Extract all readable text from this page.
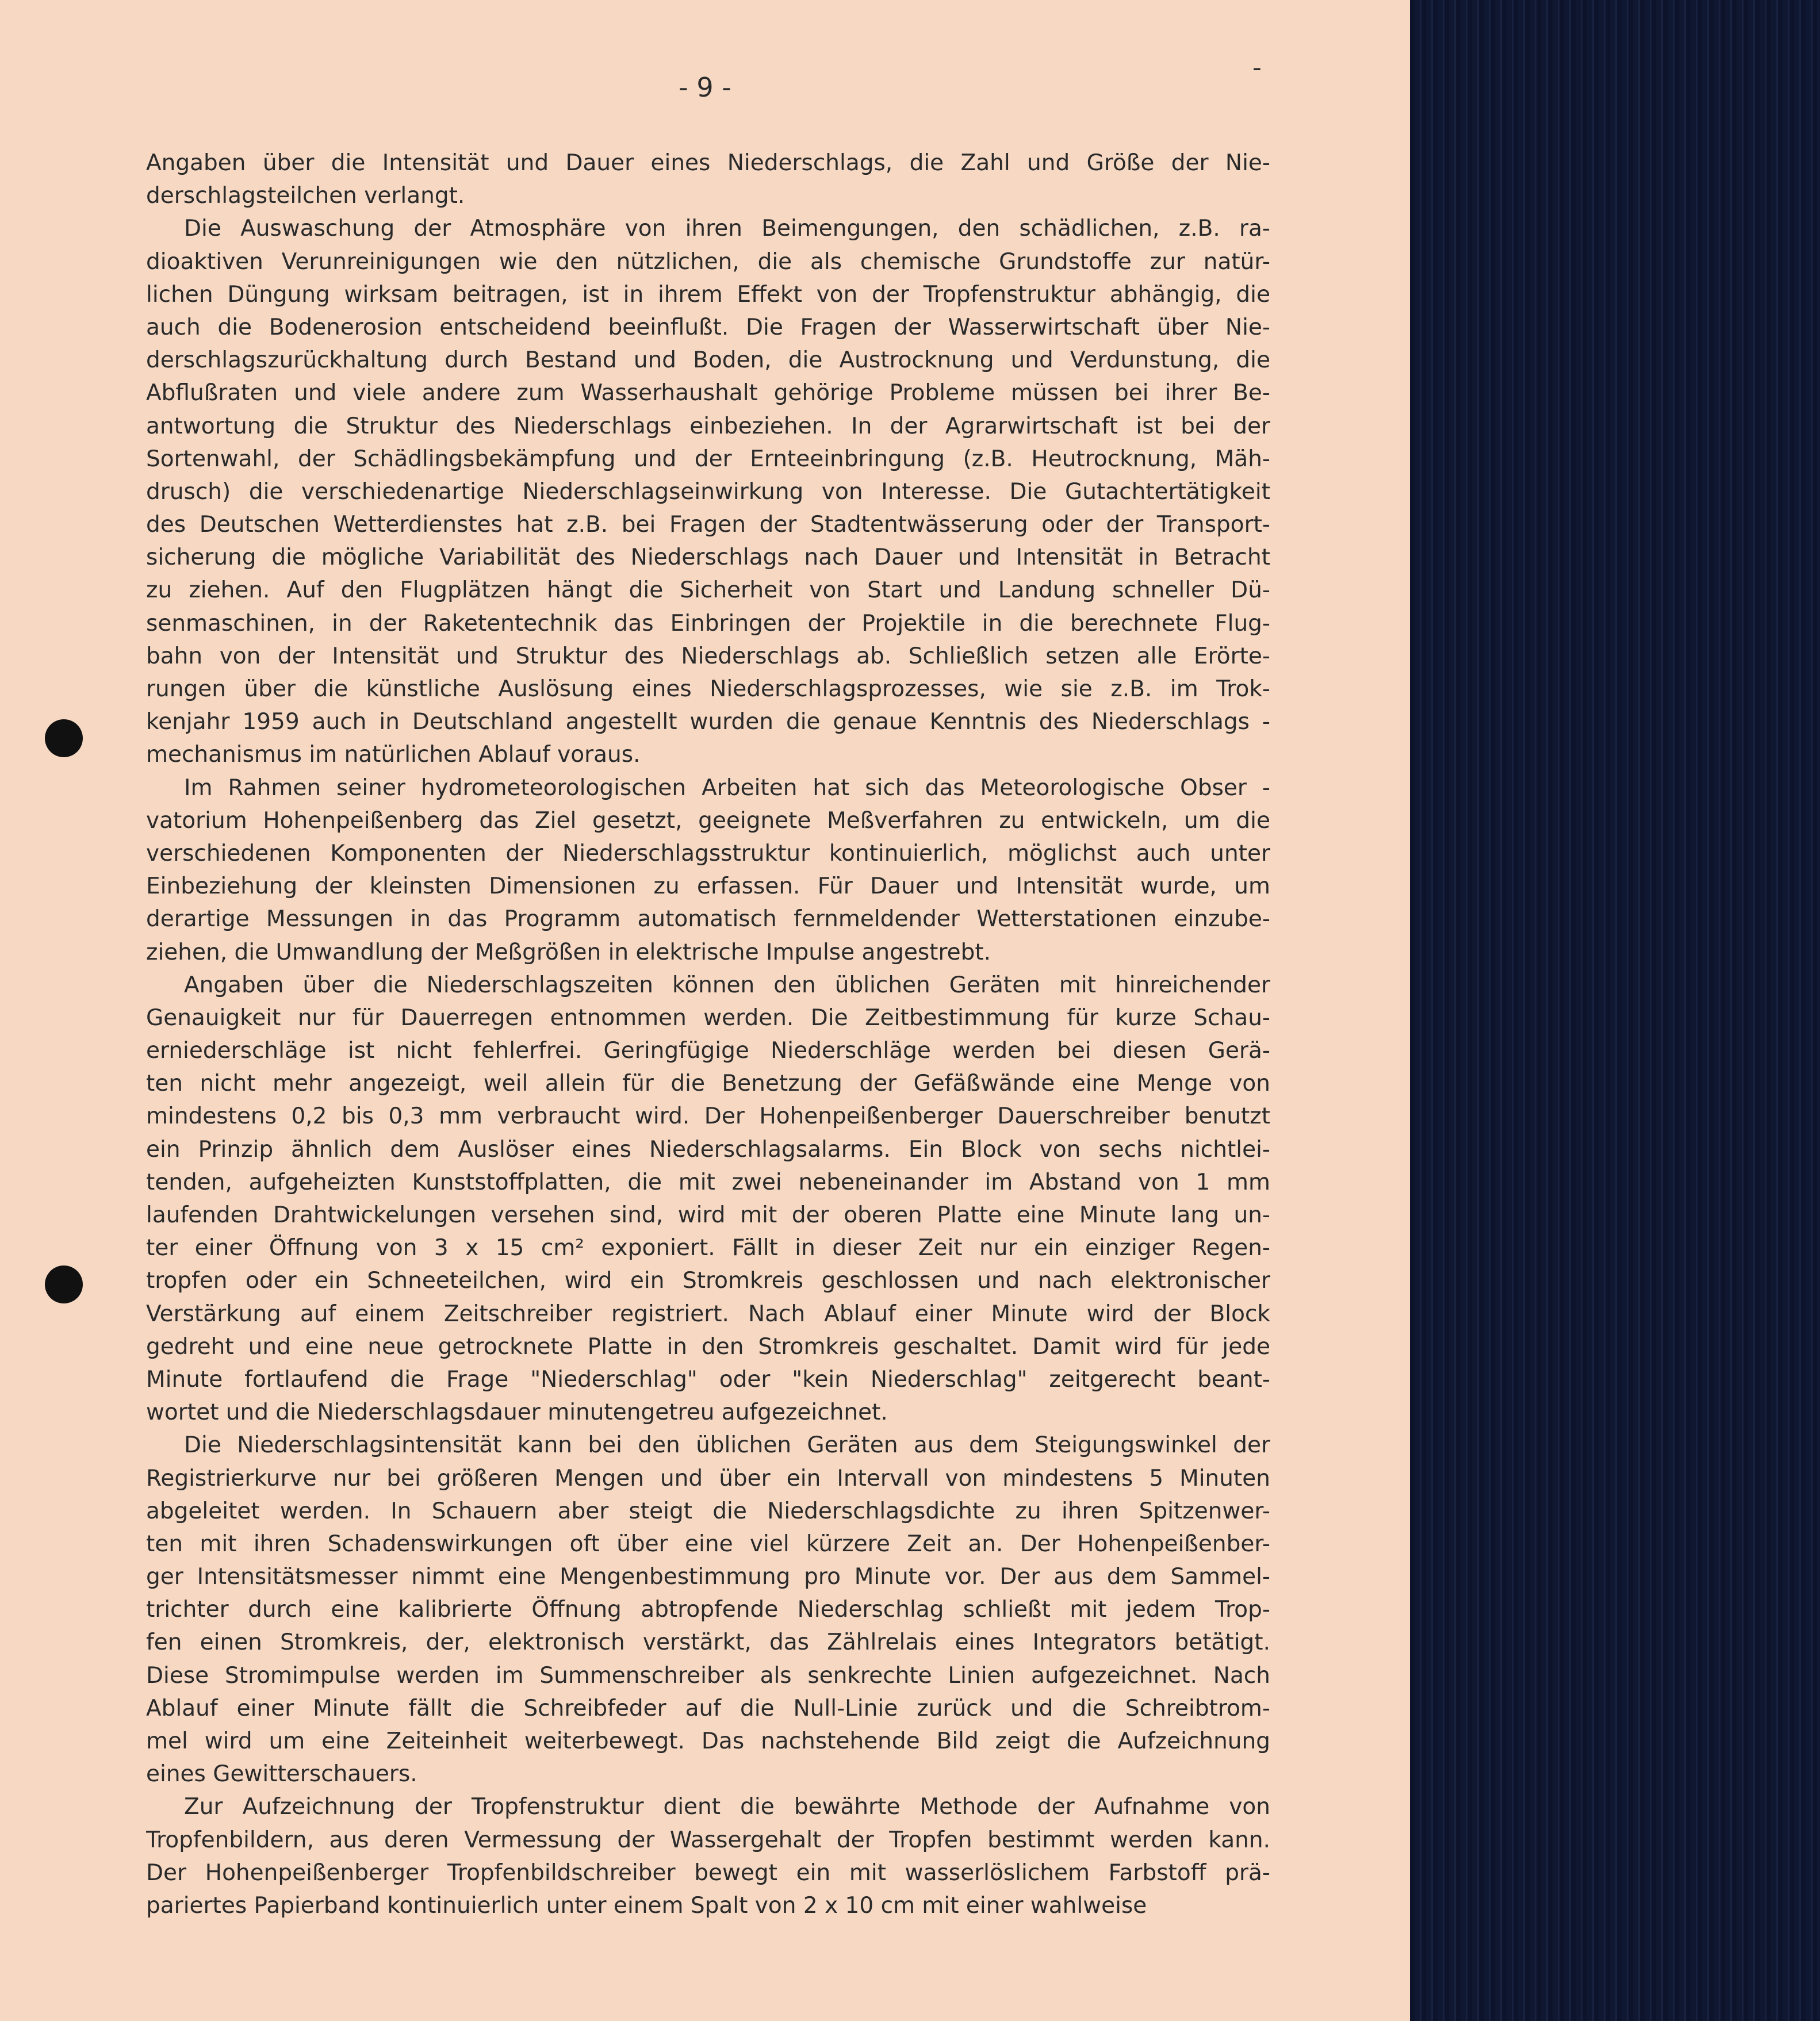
- 9 -
-
Angaben über die Intensität und Dauer eines Niederschlags, die Zahl und Größe der Nie-
derschlagsteilchen verlangt.
Die Auswaschung der Atmosphäre von ihren Beimengungen, den schädlichen, z.B. ra-
dioaktiven Verunreinigungen wie den nützlichen, die als chemische Grundstoffe zur natür-
lichen Düngung wirksam beitragen, ist in ihrem Effekt von der Tropfenstruktur abhängig, die
auch die Bodenerosion entscheidend beeinflußt. Die Fragen der Wasserwirtschaft über Nie-
derschlagszurückhaltung durch Bestand und Boden, die Austrocknung und Verdunstung, die
Abflußraten und viele andere zum Wasserhaushalt gehörige Probleme müssen bei ihrer Be-
antwortung die Struktur des Niederschlags einbeziehen. In der Agrarwirtschaft ist bei der
Sortenwahl, der Schädlingsbekämpfung und der Ernteeinbringung (z.B. Heutrocknung, Mäh-
drusch) die verschiedenartige Niederschlagseinwirkung von Interesse. Die Gutachtertätigkeit
des Deutschen Wetterdienstes hat z.B. bei Fragen der Stadtentwässerung oder der Transport-
sicherung die mögliche Variabilität des Niederschlags nach Dauer und Intensität in Betracht
zu ziehen. Auf den Flugplätzen hängt die Sicherheit von Start und Landung schneller Dü-
senmaschinen, in der Raketentechnik das Einbringen der Projektile in die berechnete Flug-
bahn von der Intensität und Struktur des Niederschlags ab. Schließlich setzen alle Erörte-
rungen über die künstliche Auslösung eines Niederschlagsprozesses, wie sie z.B. im Trok-
kenjahr 1959 auch in Deutschland angestellt wurden die genaue Kenntnis des Niederschlags -
mechanismus im natürlichen Ablauf voraus.
Im Rahmen seiner hydrometeorologischen Arbeiten hat sich das Meteorologische Obser -
vatorium Hohenpeißenberg das Ziel gesetzt, geeignete Meßverfahren zu entwickeln, um die
verschiedenen Komponenten der Niederschlagsstruktur kontinuierlich, möglichst auch unter
Einbeziehung der kleinsten Dimensionen zu erfassen. Für Dauer und Intensität wurde, um
derartige Messungen in das Programm automatisch fernmeldender Wetterstationen einzube-
ziehen, die Umwandlung der Meßgrößen in elektrische Impulse angestrebt.
Angaben über die Niederschlagszeiten können den üblichen Geräten mit hinreichender
Genauigkeit nur für Dauerregen entnommen werden. Die Zeitbestimmung für kurze Schau-
erniederschläge ist nicht fehlerfrei. Geringfügige Niederschläge werden bei diesen Gerä-
ten nicht mehr angezeigt, weil allein für die Benetzung der Gefäßwände eine Menge von
mindestens 0,2 bis 0,3 mm verbraucht wird. Der Hohenpeißenberger Dauerschreiber benutzt
ein Prinzip ähnlich dem Auslöser eines Niederschlagsalarms. Ein Block von sechs nichtlei-
tenden, aufgeheizten Kunststoffplatten, die mit zwei nebeneinander im Abstand von 1 mm
laufenden Drahtwickelungen versehen sind, wird mit der oberen Platte eine Minute lang un-
ter einer Öffnung von 3 x 15 cm² exponiert. Fällt in dieser Zeit nur ein einziger Regen-
tropfen oder ein Schneeteilchen, wird ein Stromkreis geschlossen und nach elektronischer
Verstärkung auf einem Zeitschreiber registriert. Nach Ablauf einer Minute wird der Block
gedreht und eine neue getrocknete Platte in den Stromkreis geschaltet. Damit wird für jede
Minute fortlaufend die Frage "Niederschlag" oder "kein Niederschlag" zeitgerecht beant-
wortet und die Niederschlagsdauer minutengetreu aufgezeichnet.
Die Niederschlagsintensität kann bei den üblichen Geräten aus dem Steigungswinkel der
Registrierkurve nur bei größeren Mengen und über ein Intervall von mindestens 5 Minuten
abgeleitet werden. In Schauern aber steigt die Niederschlagsdichte zu ihren Spitzenwer-
ten mit ihren Schadenswirkungen oft über eine viel kürzere Zeit an. Der Hohenpeißenber-
ger Intensitätsmesser nimmt eine Mengenbestimmung pro Minute vor. Der aus dem Sammel-
trichter durch eine kalibrierte Öffnung abtropfende Niederschlag schließt mit jedem Trop-
fen einen Stromkreis, der, elektronisch verstärkt, das Zählrelais eines Integrators betätigt.
Diese Stromimpulse werden im Summenschreiber als senkrechte Linien aufgezeichnet. Nach
Ablauf einer Minute fällt die Schreibfeder auf die Null-Linie zurück und die Schreibtrom-
mel wird um eine Zeiteinheit weiterbewegt. Das nachstehende Bild zeigt die Aufzeichnung
eines Gewitterschauers.
Zur Aufzeichnung der Tropfenstruktur dient die bewährte Methode der Aufnahme von
Tropfenbildern, aus deren Vermessung der Wassergehalt der Tropfen bestimmt werden kann.
Der Hohenpeißenberger Tropfenbildschreiber bewegt ein mit wasserlöslichem Farbstoff prä-
pariertes Papierband kontinuierlich unter einem Spalt von 2 x 10 cm mit einer wahlweise
